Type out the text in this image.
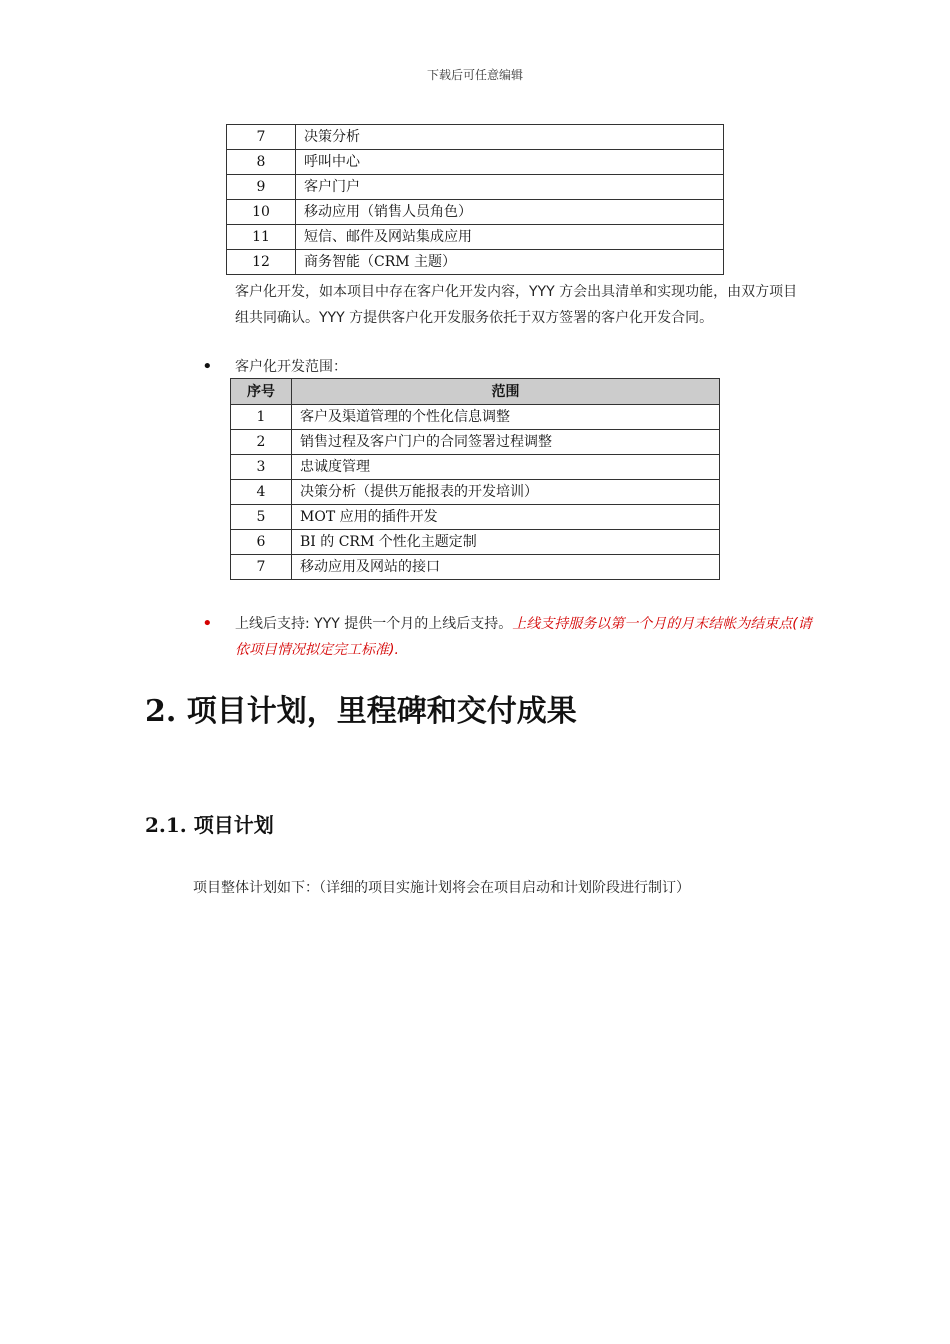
下载后可任意编辑
7	决策分析
8	呼叫中心
9	客户门户
10	移动应用（销售人员角色）
11	短信、邮件及网站集成应用
12	商务智能（CRM 主题）
客户化开发，如本项目中存在客户化开发内容，YYY 方会出具清单和实现功能，由双方项目组共同确认。YYY 方提供客户化开发服务依托于双方签署的客户化开发合同。
• 客户化开发范围：
序号	范围
1	客户及渠道管理的个性化信息调整
2	销售过程及客户门户的合同签署过程调整
3	忠诚度管理
4	决策分析（提供万能报表的开发培训）
5	MOT 应用的插件开发
6	BI 的 CRM 个性化主题定制
7	移动应用及网站的接口
• 上线后支持: YYY 提供一个月的上线后支持。上线支持服务以第一个月的月末结帐为结束点(请依项目情况拟定完工标准).
2. 项目计划，里程碑和交付成果
2.1. 项目计划
项目整体计划如下：（详细的项目实施计划将会在项目启动和计划阶段进行制订）
